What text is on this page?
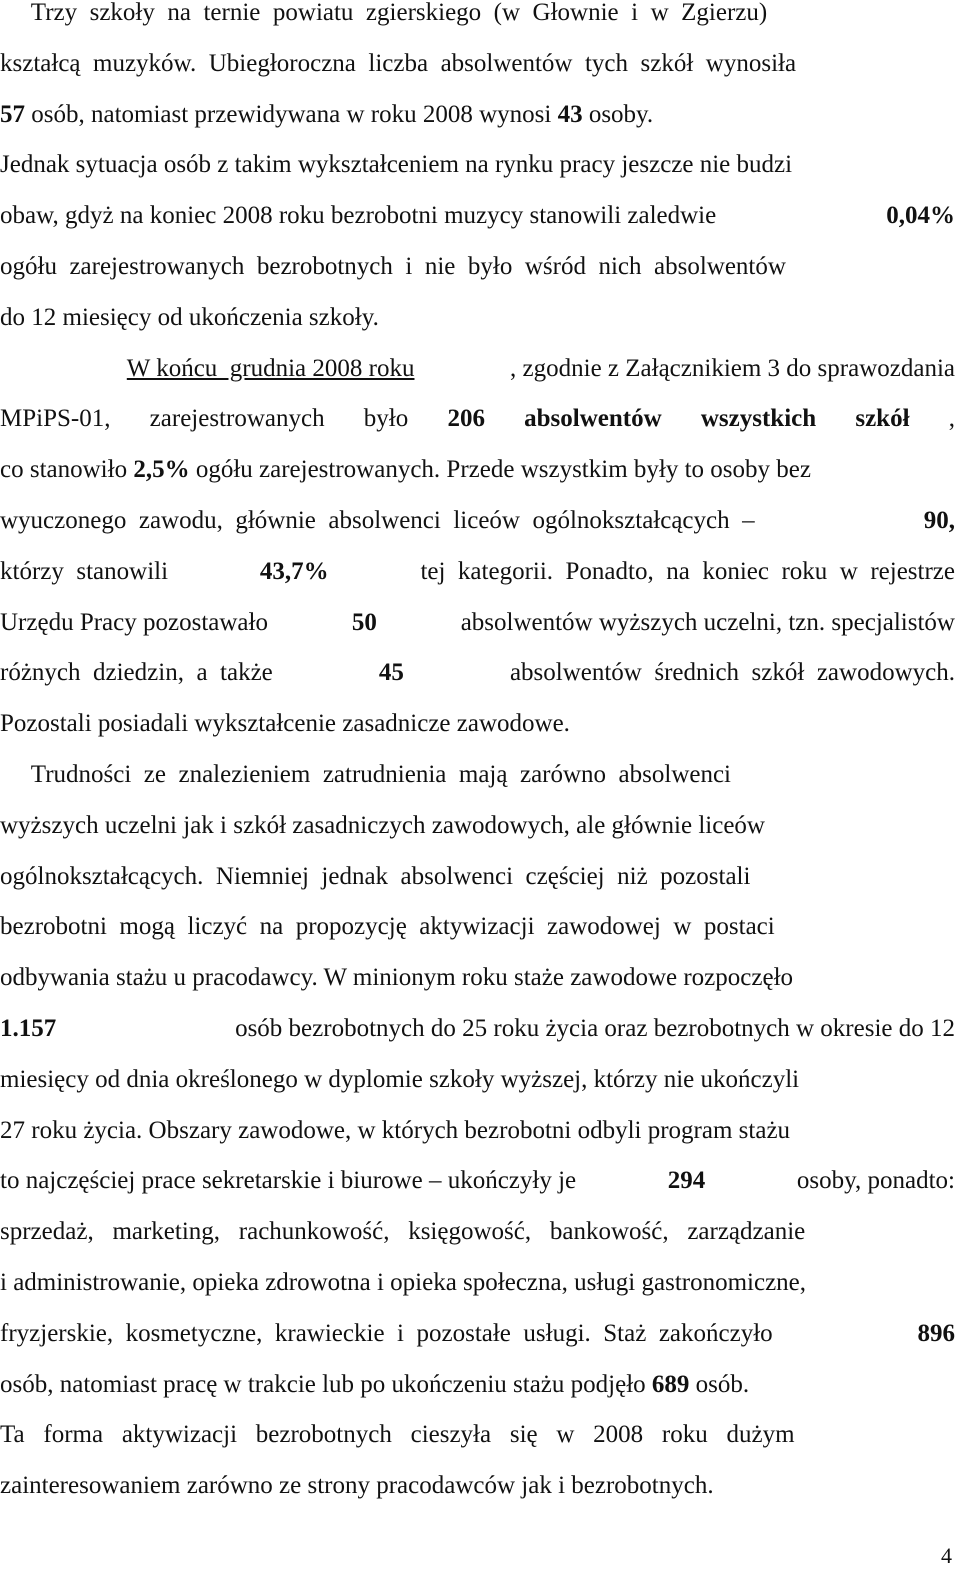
Trzy  szkoły  na  ternie  powiatu  zgierskiego  (w  Głownie  i  w  Zgierzu)
kształcą  muzyków.  Ubiegłoroczna  liczba  absolwentów  tych  szkół  wynosiła
57 osób, natomiast przewidywana w roku 2008 wynosi 43 osoby.
Jednak sytuacja osób z takim wykształceniem na rynku pracy jeszcze nie budzi
obaw, gdyż na koniec 2008 roku bezrobotni muzycy stanowili zaledwie	0,04%
ogółu  zarejestrowanych  bezrobotnych  i  nie  było  wśród  nich  absolwentów
do 12 miesięcy od ukończenia szkoły.

W końcu  grudnia 2008 roku	, zgodnie z Załącznikiem 3 do sprawozdania
MPiPS-01, zarejestrowanych było 206 absolwentów wszystkich szkół ,
co stanowiło 2,5% ogółu zarejestrowanych. Przede wszystkim były to osoby bez
wyuczonego  zawodu,  głównie  absolwenci  liceów  ogólnokształcących  –	90,
którzy  stanowili	43,7%	tej  kategorii.  Ponadto,  na  koniec  roku  w  rejestrze
Urzędu Pracy pozostawało	50	absolwentów wyższych uczelni, tzn. specjalistów
różnych  dziedzin,  a  także	45	absolwentów  średnich  szkół  zawodowych.
Pozostali posiadali wykształcenie zasadnicze zawodowe.
Trudności  ze  znalezieniem  zatrudnienia  mają  zarówno  absolwenci
wyższych uczelni jak i szkół zasadniczych zawodowych, ale głównie liceów
ogólnokształcących.  Niemniej  jednak  absolwenci  częściej  niż  pozostali
bezrobotni  mogą  liczyć  na  propozycję  aktywizacji  zawodowej  w  postaci
odbywania stażu u pracodawcy. W minionym roku staże zawodowe rozpoczęło
1.157	osób bezrobotnych do 25 roku życia oraz bezrobotnych w okresie do 12
miesięcy od dnia określonego w dyplomie szkoły wyższej, którzy nie ukończyli
27 roku życia. Obszary zawodowe, w których bezrobotni odbyli program stażu
to najczęściej prace sekretarskie i biurowe – ukończyły je	294	osoby, ponadto:
sprzedaż,   marketing,   rachunkowość,   księgowość,   bankowość,   zarządzanie
i administrowanie, opieka zdrowotna i opieka społeczna, usługi gastronomiczne,
fryzjerskie,  kosmetyczne,  krawieckie  i  pozostałe  usługi.  Staż  zakończyło	896
osób, natomiast pracę w trakcie lub po ukończeniu stażu podjęło 689 osób.
Ta   forma   aktywizacji   bezrobotnych   cieszyła   się   w   2008   roku   dużym
zainteresowaniem zarówno ze strony pracodawców jak i bezrobotnych.
4
